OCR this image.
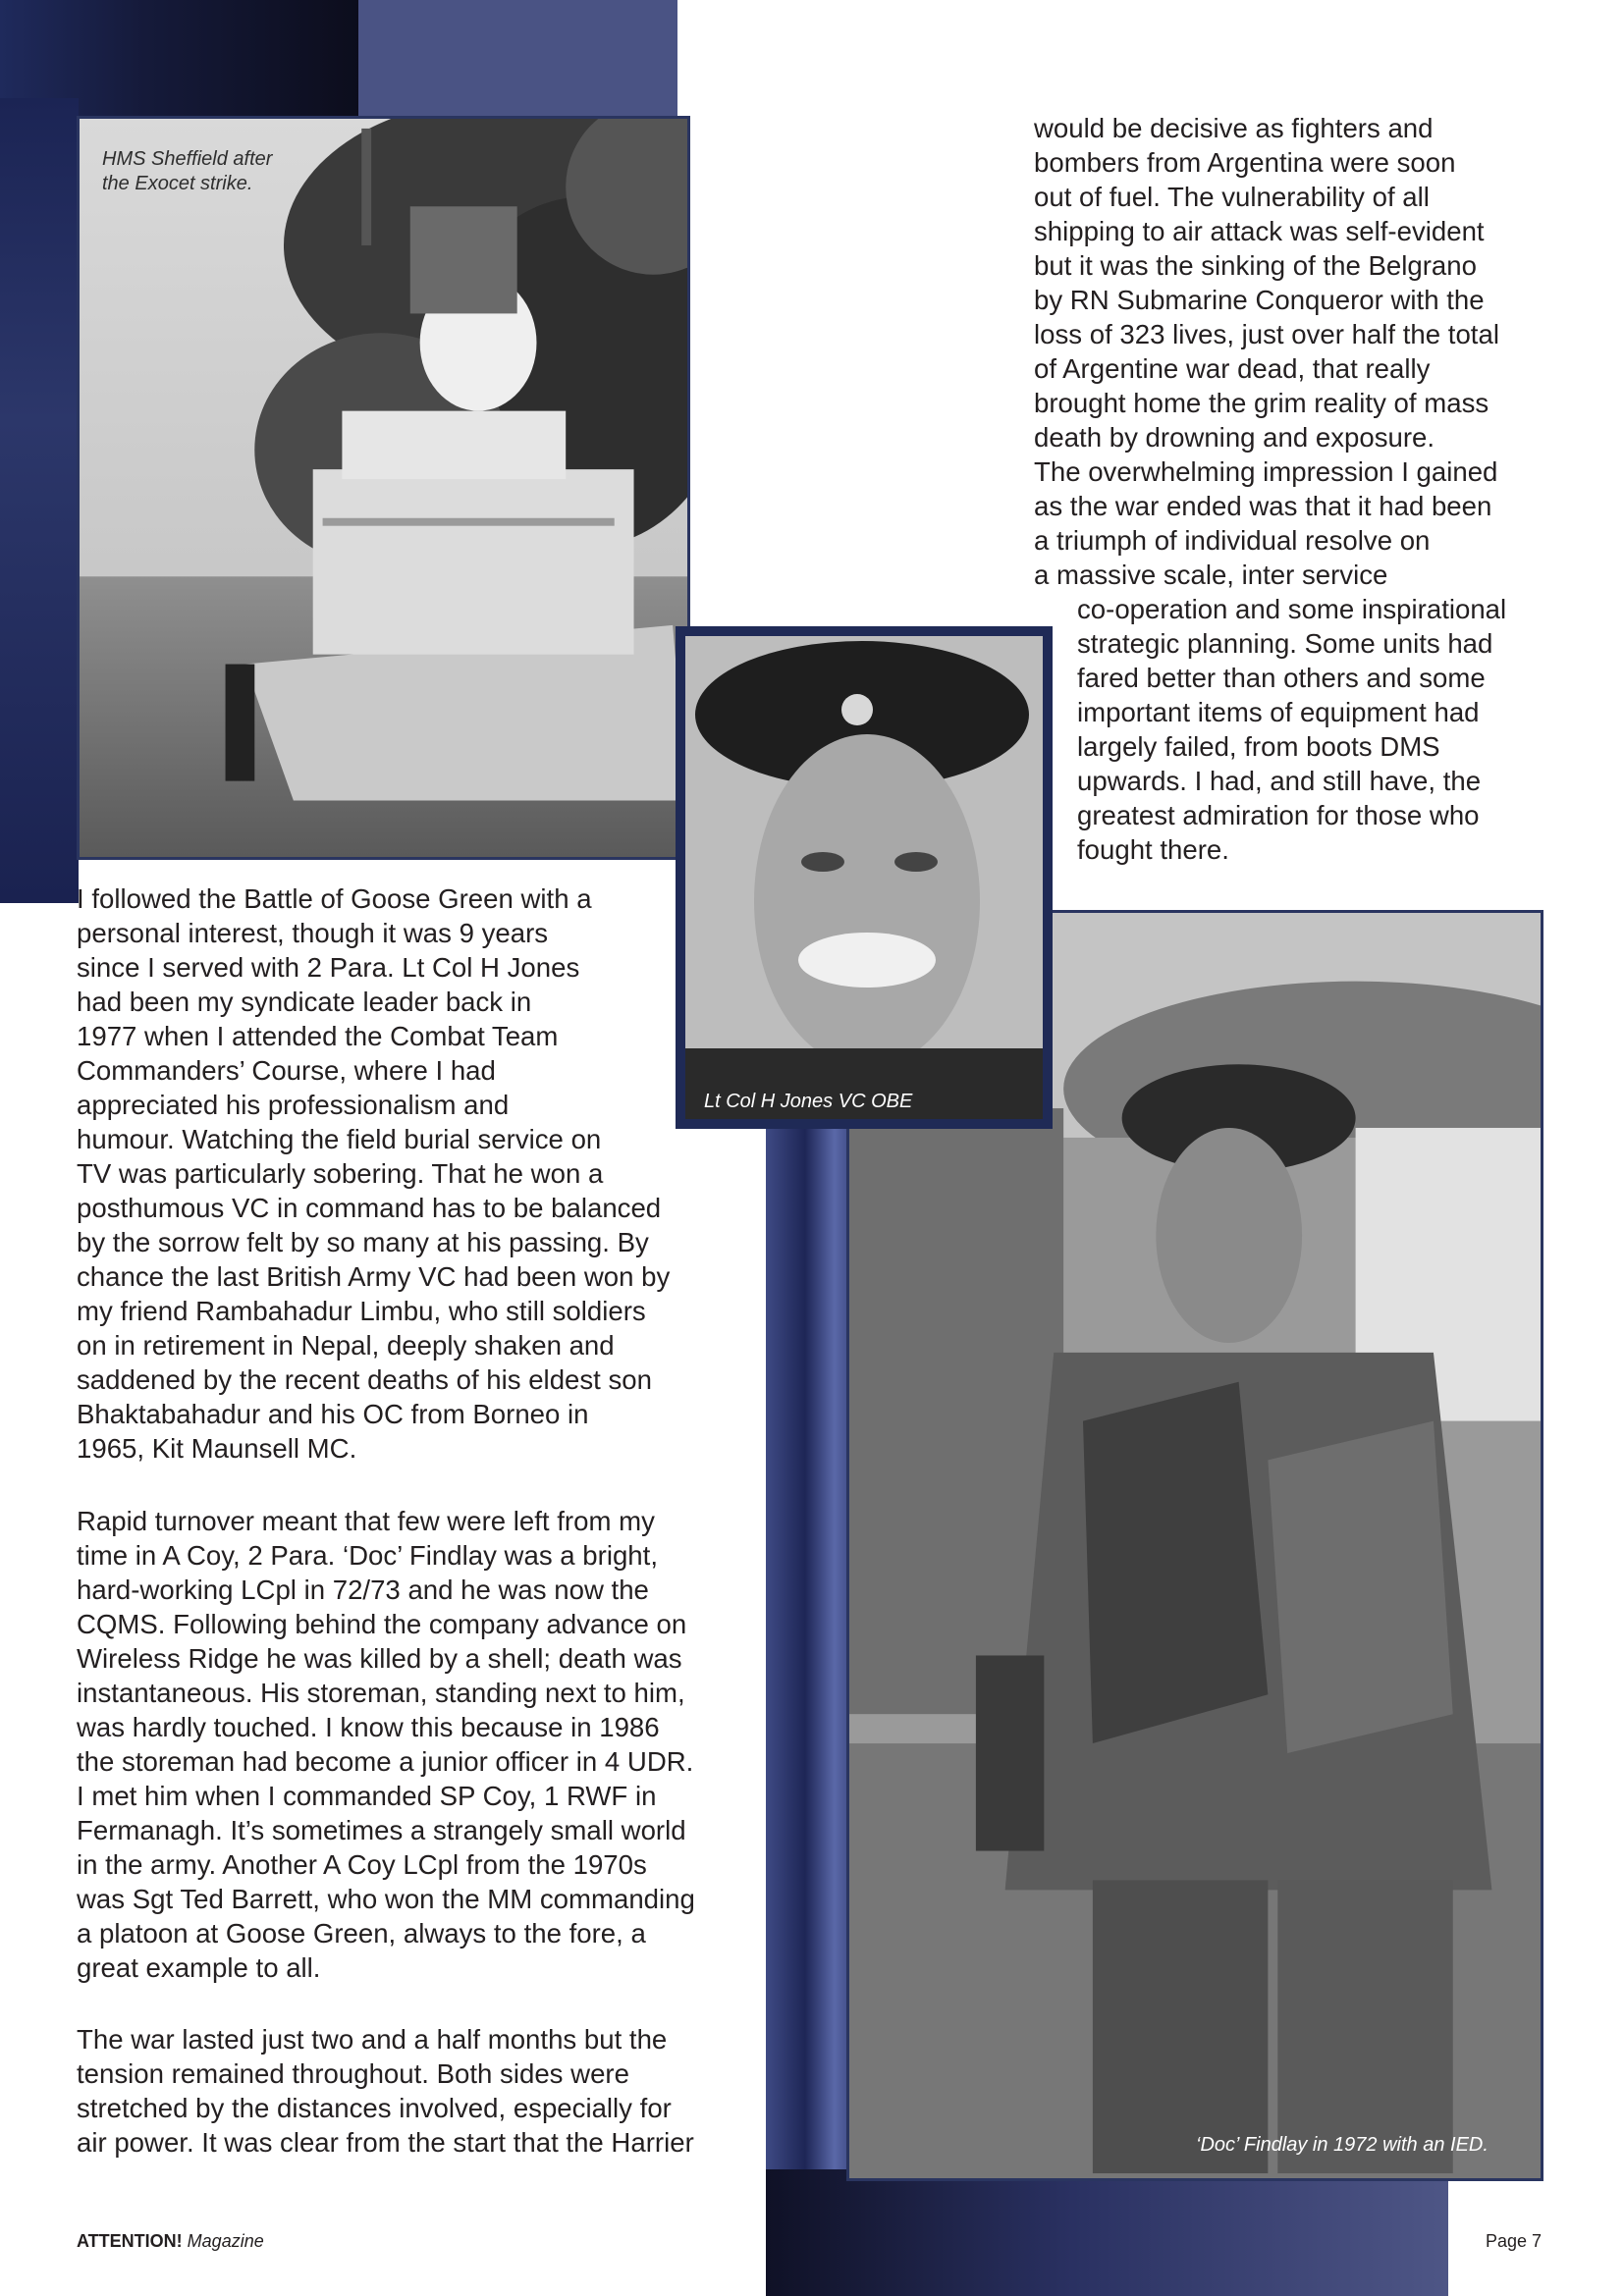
HMS Sheffield after
the Exocet strike.
‘Doc’ Findlay in 1972 with an IED.
Lt Col H Jones VC OBE
would be decisive as fighters and
bombers from Argentina were soon
out of fuel. The vulnerability of all
shipping to air attack was self-evident
but it was the sinking of the Belgrano
by RN Submarine Conqueror with the
loss of 323 lives, just over half the total
of Argentine war dead, that really
brought home the grim reality of mass
death by drowning and exposure.
The overwhelming impression I gained
as the war ended was that it had been
a triumph of individual resolve on
a massive scale, inter service
co-operation and some inspirational
strategic planning. Some units had
fared better than others and some
important items of equipment had
largely failed, from boots DMS
upwards. I had, and still have, the
greatest admiration for those who
fought there.
I followed the Battle of Goose Green with a
personal interest, though it was 9 years
since I served with 2 Para. Lt Col H Jones
had been my syndicate leader back in
1977 when I attended the Combat Team
Commanders’ Course, where I had
appreciated his professionalism and
humour. Watching the field burial service on
TV was particularly sobering. That he won a
posthumous VC in command has to be balanced
by the sorrow felt by so many at his passing. By
chance the last British Army VC had been won by
my friend Rambahadur Limbu, who still soldiers
on in retirement in Nepal, deeply shaken and
saddened by the recent deaths of his eldest son
Bhaktabahadur and his OC from Borneo in
1965, Kit Maunsell MC.
Rapid turnover meant that few were left from my
time in A Coy, 2 Para. ‘Doc’ Findlay was a bright,
hard-working LCpl in 72/73 and he was now the
CQMS. Following behind the company advance on
Wireless Ridge he was killed by a shell; death was
instantaneous. His storeman, standing next to him,
was hardly touched. I know this because in 1986
the storeman had become a junior officer in 4 UDR.
I met him when I commanded SP Coy, 1 RWF in
Fermanagh. It’s sometimes a strangely small world
in the army. Another A Coy LCpl from the 1970s
was Sgt Ted Barrett, who won the MM commanding
a platoon at Goose Green, always to the fore, a
great example to all.
The war lasted just two and a half months but the
tension remained throughout. Both sides were
stretched by the distances involved, especially for
air power. It was clear from the start that the Harrier
ATTENTION! Magazine	Page 7
